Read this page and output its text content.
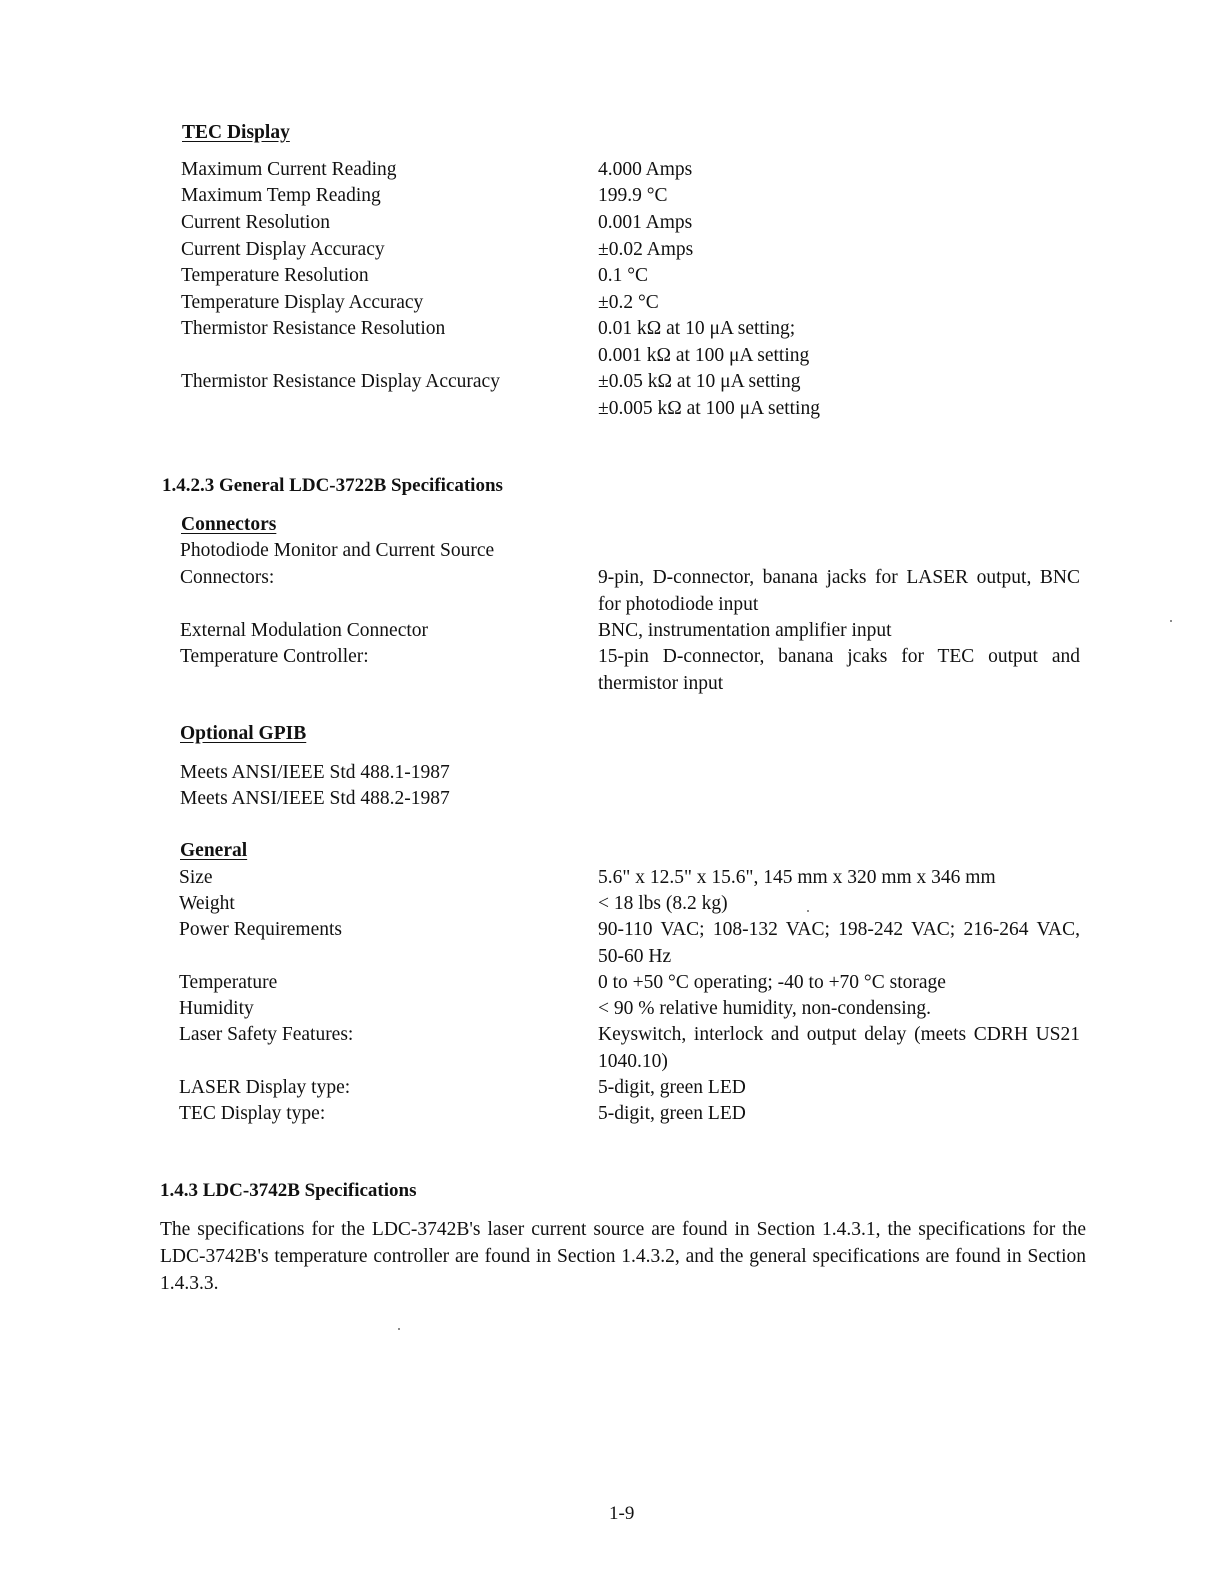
TEC Display
Maximum Current Reading	4.000 Amps
Maximum Temp Reading	199.9 °C
Current Resolution	0.001 Amps
Current Display Accuracy	±0.02 Amps
Temperature Resolution	0.1 °C
Temperature Display Accuracy	±0.2 °C
Thermistor Resistance Resolution	0.01 kΩ at 10 μA setting;
0.001 kΩ at 100 μA setting
Thermistor Resistance Display Accuracy	±0.05 kΩ at 10 μA setting
±0.005 kΩ at 100 μA setting
1.4.2.3 General LDC-3722B Specifications
Connectors
Photodiode Monitor and Current Source
Connectors:	9-pin, D-connector, banana jacks for LASER output, BNC for photodiode input
External Modulation Connector	BNC, instrumentation amplifier input
Temperature Controller:	15-pin D-connector, banana jcaks for TEC output and thermistor input
Optional GPIB
Meets ANSI/IEEE Std 488.1-1987
Meets ANSI/IEEE Std 488.2-1987
General
Size	5.6" x 12.5" x 15.6", 145 mm x 320 mm x 346 mm
Weight	< 18 lbs (8.2 kg)
Power Requirements	90-110 VAC; 108-132 VAC; 198-242 VAC; 216-264 VAC, 50-60 Hz
Temperature	0 to +50 °C operating; -40 to +70 °C storage
Humidity	< 90 % relative humidity, non-condensing.
Laser Safety Features:	Keyswitch, interlock and output delay (meets CDRH US21 1040.10)
LASER Display type:	5-digit, green LED
TEC Display type:	5-digit, green LED
1.4.3 LDC-3742B Specifications
The specifications for the LDC-3742B's laser current source are found in Section 1.4.3.1, the specifications for the LDC-3742B's temperature controller are found in Section 1.4.3.2, and the general specifications are found in Section 1.4.3.3.
1-9
